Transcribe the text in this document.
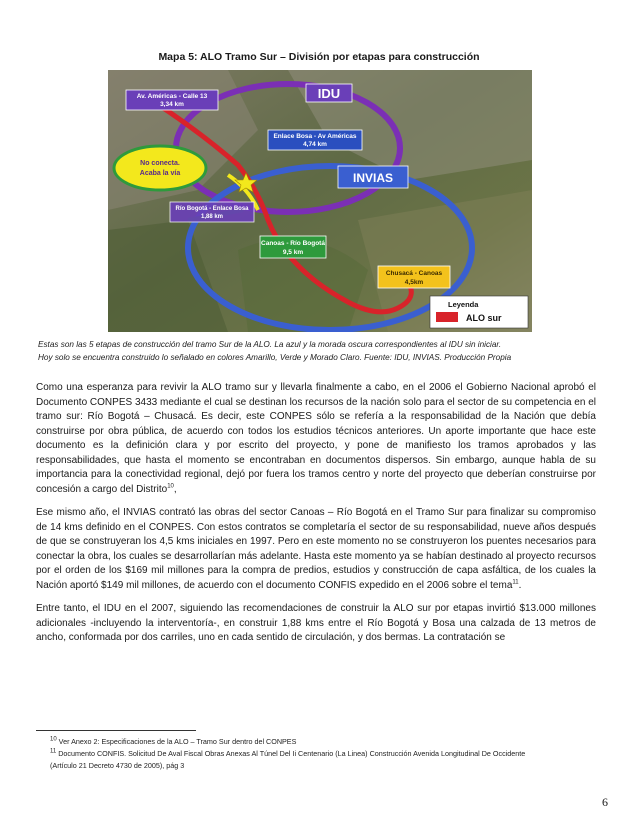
Mapa 5: ALO Tramo Sur – División por etapas para construcción
Av. Américas - Calle 13
3,34 km
IDU
Enlace Bosa - Av Américas
4,74 km
No conecta.
Acaba la vía	INVIAS
Río Bogotá - Enlace Bosa
1,88 km
Canoas - Río Bogotá
9,5 km
Chusacá - Canoas
4,5km
Leyenda
ALO sur
Estas son las 5 etapas de construcción del tramo Sur de la ALO. La azul y la morada oscura correspondientes al IDU sin iniciar.
Hoy solo se encuentra construido lo señalado en colores Amarillo, Verde y Morado Claro. Fuente: IDU, INVIAS. Producción Propia

Como una esperanza para revivir la ALO tramo sur y llevarla finalmente a cabo, en el 2006 el Gobierno Nacional aprobó el Documento CONPES 3433 mediante el cual se destinan los recursos de la nación solo para el sector de su competencia en el tramo sur: Río Bogotá – Chusacá. Es decir, este CONPES sólo se refería a la responsabilidad de la Nación que debía construirse por obra pública, de acuerdo con todos los estudios técnicos anteriores. Un aporte importante que hace este documento es la definición clara y por escrito del proyecto, y pone de manifiesto los tramos aprobados y las responsabilidades, que hasta el momento se encontraban en documentos dispersos. Sin embargo, aunque habla de su importancia para la conectividad regional, dejó por fuera los tramos centro y norte del proyecto que deberían construirse por concesión a cargo del Distrito$^{10}$,

Ese mismo año, el INVIAS contrató las obras del sector Canoas – Río Bogotá en el Tramo Sur para finalizar su compromiso de 14 kms definido en el CONPES. Con estos contratos se completaría el sector de su responsabilidad, nueve años después de que se construyeran los 4,5 kms iniciales en 1997. Pero en este momento no se construyeron los puentes necesarios para conectar la obra, los cuales se desarrollarían más adelante. Hasta este momento ya se habían destinado al proyecto recursos por el orden de los $169 mil millones para la compra de predios, estudios y construcción de capa asfáltica, de los cuales la Nación aportó $149 mil millones, de acuerdo con el documento CONFIS expedido en el 2006 sobre el tema$^{11}$.

Entre tanto, el IDU en el 2007, siguiendo las recomendaciones de construir la ALO sur por etapas invirtió $13.000 millones adicionales -incluyendo la interventoría-, en construir 1,88 kms entre el Río Bogotá y Bosa una calzada de 13 metros de ancho, conformada por dos carriles, uno en cada sentido de circulación, y dos bermas. La contratación se

$^{10}$ Ver Anexo 2: Especificaciones de la ALO – Tramo Sur dentro del CONPES
$^{11}$ Documento CONFIS. Solicitud De Aval Fiscal Obras Anexas Al Túnel Del Ii Centenario (La Linea) Construcción Avenida Longitudinal De Occidente
(Artículo 21 Decreto 4730 de 2005), pág 3
6
